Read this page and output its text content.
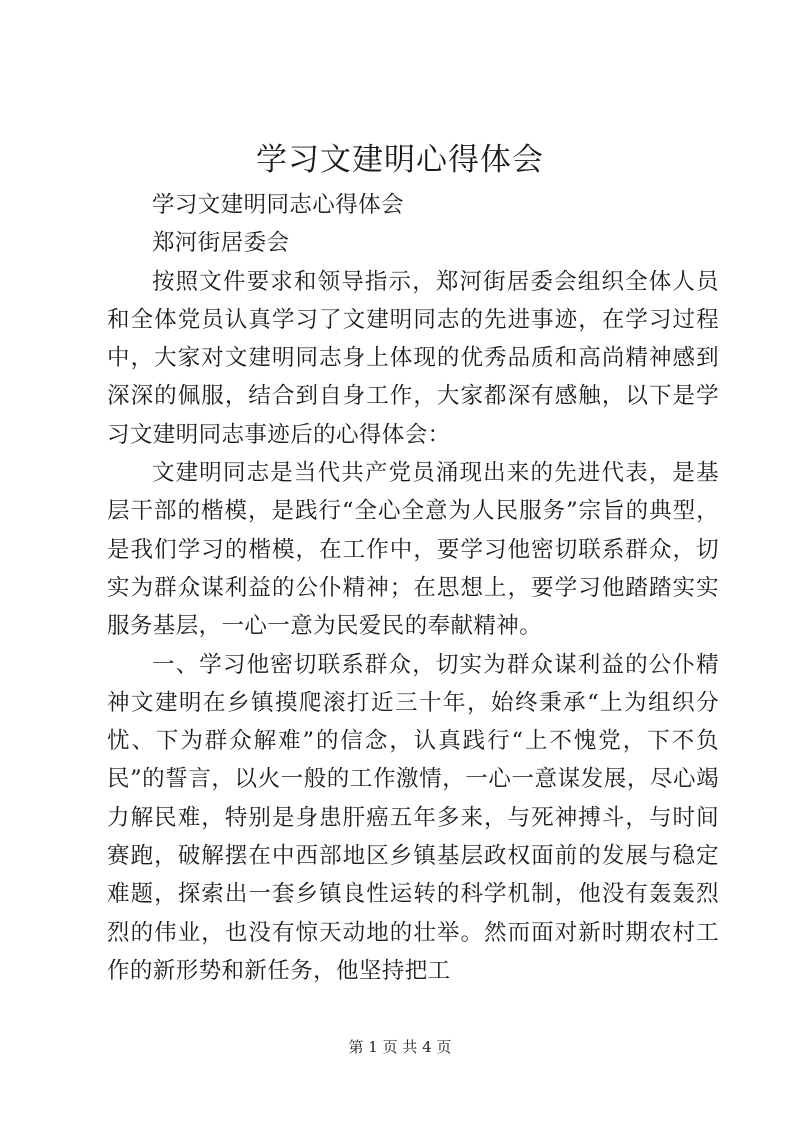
学习文建明心得体会

学习文建明同志心得体会

郑河街居委会

按照文件要求和领导指示，郑河街居委会组织全体人员和全体党员认真学习了文建明同志的先进事迹，在学习过程中，大家对文建明同志身上体现的优秀品质和高尚精神感到深深的佩服，结合到自身工作，大家都深有感触，以下是学习文建明同志事迹后的心得体会：

文建明同志是当代共产党员涌现出来的先进代表，是基层干部的楷模，是践行“全心全意为人民服务”宗旨的典型，是我们学习的楷模，在工作中，要学习他密切联系群众，切实为群众谋利益的公仆精神；在思想上，要学习他踏踏实实服务基层，一心一意为民爱民的奉献精神。

一、学习他密切联系群众，切实为群众谋利益的公仆精神文建明在乡镇摸爬滚打近三十年，始终秉承“上为组织分忧、下为群众解难”的信念，认真践行“上不愧党，下不负民”的誓言，以火一般的工作激情，一心一意谋发展，尽心竭力解民难，特别是身患肝癌五年多来，与死神搏斗，与时间赛跑，破解摆在中西部地区乡镇基层政权面前的发展与稳定难题，探索出一套乡镇良性运转的科学机制，他没有轰轰烈烈的伟业，也没有惊天动地的壮举。然而面对新时期农村工作的新形势和新任务，他坚持把工

第 1 页 共 4 页
